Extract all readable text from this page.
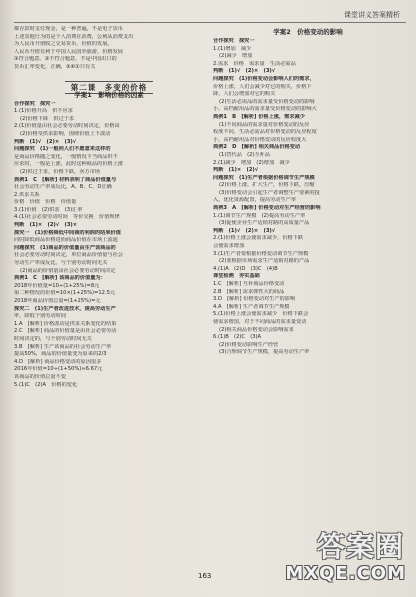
课堂讲义答案精析
都存款时支付现金，是一种普遍，不是电子货币
上述其他行为的是个人消费在消费，公利从消费支出
为人民币升值收之交易货币，价值的发展。
人民币升值有利于中国人民国外旅游，价格发展
③符合题意。③不符合题意，不是中国出口的
货币汇率变化，正确，③④①只有关
第二课　多变的价格
学案1　影响价格的因素
合作探究　探究一
1.(1)价格升高　供不应求
(2)价格下降　供过于求
2.(1)价值量由社会必要劳动时间决定，价格由
(2)价格受供求影响，围绕价值上下波动
判断　(1)√　(2)×　(3)√
问题探究　(1)一般同人们不愿意来这样的
是商品价格随之变化，一般情况下当商品供不
应求时，一般是上涨，此时这种商品的价格上涨
(2)供过于求，价格下跌，卖方市场
典例1　C　[解析] 材料表明了商品价值量与
社会劳动生产率成反比，A、B、C、D正确
2.供求关系
价格　价值　价格　价值量
3.(1)价值　(2)供求　(3)汇率
4.(1)社会必要劳动时间　等价交换　价值规律
判断　(1)×　(2)√　(3)×
探究一　(1)价格降低中间商的利润的结果价值
同时降低商品价格进而商品价值在市场上流通
问题探究　(1)商品的价值量由生产该商品的
社会必要劳动时间决定，单位商品价值量与社会
劳动生产率成反比，与个别劳动时间无关
(2)商品的价值量由社会必要劳动时间决定
典例1　C　[解析] 该商品的价值量为：
2018年价值量=10÷(1+25%)=8元
第二种情况的价值=10×(1+25%)=12.5元
2018年商品价值总量=(1+25%)=元
探究二　(1)生产者改进技术，提高劳动生产
率，降低个别劳动时间
1.A　[解析] 价格波动是供求关系变化的结果
2.C　[解析] 商品的价值量是由社会必要劳动
时间决定的，与个别劳动时间无关
3.B　[解析] 生产该商品的社会劳动生产率
提高50%，商品的价值量变为原来的2/3
4.D　[解析] 商品价格变动的原因很多
2016年价值=10÷(1+50%)≈6.67元
该商品的价值总量不变
5.(1)C　(2)A　价格的变化
学案2　价格变动的影响
合作探究　探究一
1.(1)增加　减少
(2)减少　增加
2.需求　价格　需求量　生活必需品
判断　(1)√　(2)×　(3)√
问题探究　(1)价格变动会影响人们的需求，
价格上涨，人们会减少对它的购买，价格下
降，人们会增加对它的购买
(2)生活必需品的需求量受价格变动的影响
小，高档耐用品的需求量受价格变动的影响大
典例1　B　[解析] 价格上涨，需求减少
(1)不同商品的需求量对价格变动的反应
程度不同，生活必需品对价格变动的反应程度
小，高档耐用品对价格变动的反应程度大
典例2　D　[解析] 相关商品价格变动
(1)替代品　(2)互补品
2.(1)减少　增加　(2)增加　减少
判断　(1)×　(2)√
问题探究　(1)生产者根据价格调节生产规模
(2)价格上涨，扩大生产，价格下跌，压缩
(3)价格变动会引起生产者调整生产要素的投
入，优化资源配置，提高劳动生产率
典例3　A　[解析] 价格变动对生产经营的影响
1.(1)调节生产规模　(2)提高劳动生产率
(3)促使企业生产适销对路的高质量产品
判断　(1)√　(2)×　(3)√
2.(1)价格上涨会使需求减少，价格下跌
会使需求增加
3.(1)生产者要根据价格变动调节生产规模
(2)要根据市场需求生产适销对路的产品
4.(1)A　(2)D　(3)C　(4)B
课堂检测　夯实基础
1.C　[解析] 互补商品价格变动
2.B　[解析] 需求弹性大的商品
3.D　[解析] 价格变动对生产的影响
4.A　[解析] 生产者调节生产规模
5.(1)价格上涨会使需求减少　价格下跌会
使需求增加，对于不同商品的需求量变动
(2)相关商品价格变动会影响需求
6.(1)B　(2)C　(3)A
(2)价格变动影响生产经营
(3)合理调节生产规模，提高劳动生产率
163
答案圈
MXQE.COM
